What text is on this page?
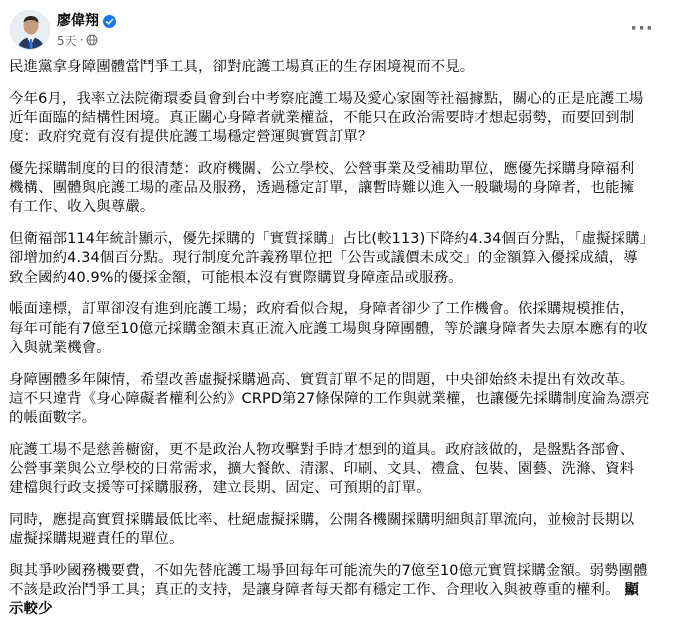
廖偉翔
5天 ·
···

民進黨拿身障團體當鬥爭工具，卻對庇護工場真正的生存困境視而不見。

今年6月，我率立法院衛環委員會到台中考察庇護工場及愛心家園等社福據點，關心的正是庇護工場
近年面臨的結構性困境。真正關心身障者就業權益，不能只在政治需要時才想起弱勢，而要回到制
度：政府究竟有沒有提供庇護工場穩定營運與實質訂單？

優先採購制度的目的很清楚：政府機關、公立學校、公營事業及受補助單位，應優先採購身障福利
機構、團體與庇護工場的產品及服務，透過穩定訂單，讓暫時難以進入一般職場的身障者，也能擁
有工作、收入與尊嚴。

但衛福部114年統計顯示，優先採購的「實質採購」占比(較113)下降約4.34個百分點，「虛擬採購」
卻增加約4.34個百分點。現行制度允許義務單位把「公告或議價未成交」的金額算入優採成績，導
致全國約40.9%的優採金額，可能根本沒有實際購買身障產品或服務。

帳面達標，訂單卻沒有進到庇護工場；政府看似合規，身障者卻少了工作機會。依採購規模推估，
每年可能有7億至10億元採購金額未真正流入庇護工場與身障團體，等於讓身障者失去原本應有的收
入與就業機會。

身障團體多年陳情，希望改善虛擬採購過高、實質訂單不足的問題，中央卻始終未提出有效改革。
這不只違背《身心障礙者權利公約》CRPD第27條保障的工作與就業權，也讓優先採購制度淪為漂亮
的帳面數字。

庇護工場不是慈善櫥窗，更不是政治人物攻擊對手時才想到的道具。政府該做的，是盤點各部會、
公營事業與公立學校的日常需求，擴大餐飲、清潔、印刷、文具、禮盒、包裝、園藝、洗滌、資料
建檔與行政支援等可採購服務，建立長期、固定、可預期的訂單。

同時，應提高實質採購最低比率、杜絕虛擬採購，公開各機關採購明細與訂單流向，並檢討長期以
虛擬採購規避責任的單位。

與其爭吵國務機要費，不如先替庇護工場爭回每年可能流失的7億至10億元實質採購金額。弱勢團體
不該是政治鬥爭工具；真正的支持，是讓身障者每天都有穩定工作、合理收入與被尊重的權利。 顯
示較少
